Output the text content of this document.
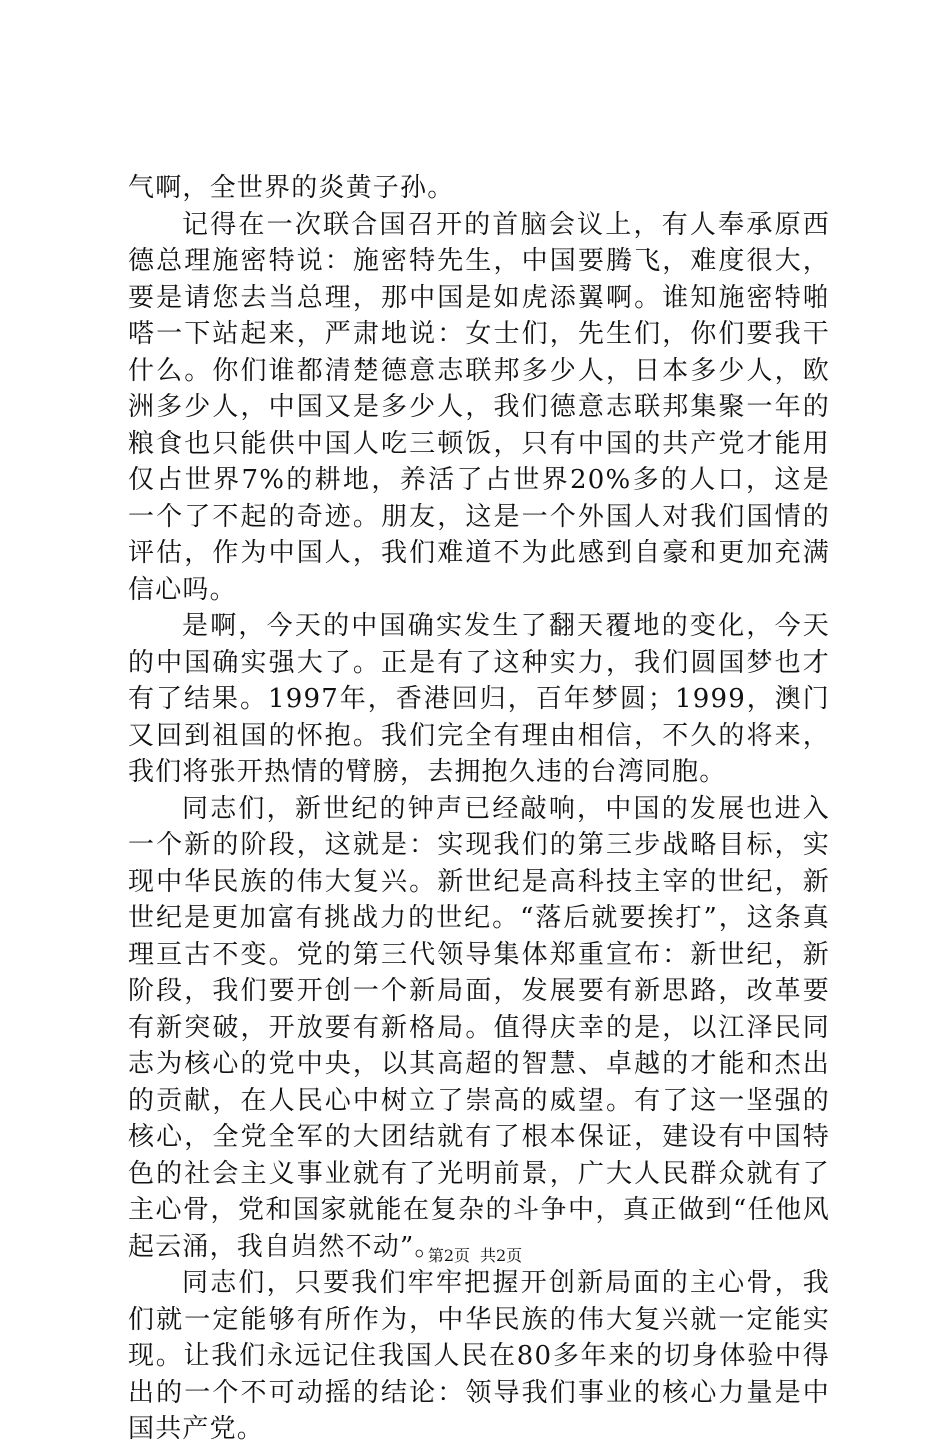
气啊，全世界的炎黄子孙。

记得在一次联合国召开的首脑会议上，有人奉承原西德总理施密特说：施密特先生，中国要腾飞，难度很大，要是请您去当总理，那中国是如虎添翼啊。谁知施密特啪嗒一下站起来，严肃地说：女士们，先生们，你们要我干什么。你们谁都清楚德意志联邦多少人，日本多少人，欧洲多少人，中国又是多少人，我们德意志联邦集聚一年的粮食也只能供中国人吃三顿饭，只有中国的共产党才能用仅占世界7%的耕地，养活了占世界20%多的人口，这是一个了不起的奇迹。朋友，这是一个外国人对我们国情的评估，作为中国人，我们难道不为此感到自豪和更加充满信心吗。

是啊，今天的中国确实发生了翻天覆地的变化，今天的中国确实强大了。正是有了这种实力，我们圆国梦也才有了结果。1997年，香港回归，百年梦圆；1999，澳门又回到祖国的怀抱。我们完全有理由相信，不久的将来，我们将张开热情的臂膀，去拥抱久违的台湾同胞。

同志们，新世纪的钟声已经敲响，中国的发展也进入一个新的阶段，这就是：实现我们的第三步战略目标，实现中华民族的伟大复兴。新世纪是高科技主宰的世纪，新世纪是更加富有挑战力的世纪。“落后就要挨打”，这条真理亘古不变。党的第三代领导集体郑重宣布：新世纪，新阶段，我们要开创一个新局面，发展要有新思路，改革要有新突破，开放要有新格局。值得庆幸的是，以江泽民同志为核心的党中央，以其高超的智慧、卓越的才能和杰出的贡献，在人民心中树立了崇高的威望。有了这一坚强的核心，全党全军的大团结就有了根本保证，建设有中国特色的社会主义事业就有了光明前景，广大人民群众就有了主心骨，党和国家就能在复杂的斗争中，真正做到“任他风起云涌，我自岿然不动”。

同志们，只要我们牢牢把握开创新局面的主心骨，我们就一定能够有所作为，中华民族的伟大复兴就一定能实现。让我们永远记住我国人民在80多年来的切身体验中得出的一个不可动摇的结论：领导我们事业的核心力量是中国共产党。

第2页 共2页
